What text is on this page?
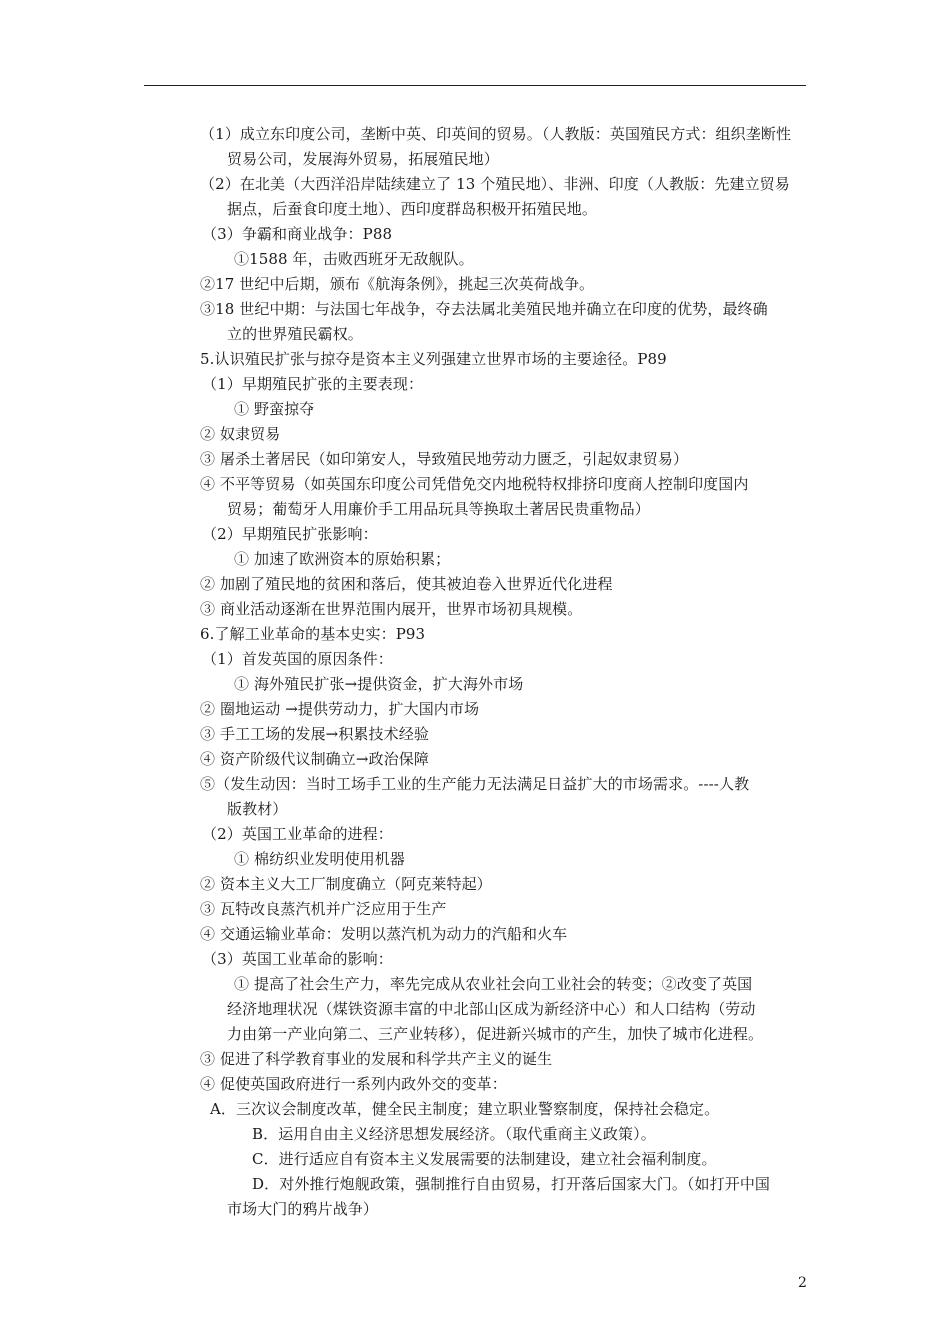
（1）成立东印度公司，垄断中英、印英间的贸易。（人教版：英国殖民方式：组织垄断性
贸易公司，发展海外贸易，拓展殖民地）
（2）在北美（大西洋沿岸陆续建立了 13 个殖民地）、非洲、印度（人教版：先建立贸易
据点，后蚕食印度土地）、西印度群岛积极开拓殖民地。
（3）争霸和商业战争：P88
①1588 年，击败西班牙无敌舰队。
②17 世纪中后期，颁布《航海条例》，挑起三次英荷战争。
③18 世纪中期：与法国七年战争，夺去法属北美殖民地并确立在印度的优势，最终确
立的世界殖民霸权。
5.认识殖民扩张与掠夺是资本主义列强建立世界市场的主要途径。P89
（1）早期殖民扩张的主要表现：
① 野蛮掠夺
② 奴隶贸易
③ 屠杀土著居民（如印第安人，导致殖民地劳动力匮乏，引起奴隶贸易）
④ 不平等贸易（如英国东印度公司凭借免交内地税特权排挤印度商人控制印度国内
贸易；葡萄牙人用廉价手工用品玩具等换取土著居民贵重物品）
（2）早期殖民扩张影响：
① 加速了欧洲资本的原始积累；
② 加剧了殖民地的贫困和落后，使其被迫卷入世界近代化进程
③ 商业活动逐渐在世界范围内展开，世界市场初具规模。
6.了解工业革命的基本史实：P93
（1）首发英国的原因条件：
① 海外殖民扩张→提供资金，扩大海外市场
② 圈地运动 →提供劳动力，扩大国内市场
③ 手工工场的发展→积累技术经验
④ 资产阶级代议制确立→政治保障
⑤（发生动因：当时工场手工业的生产能力无法满足日益扩大的市场需求。----人教
版教材）
（2）英国工业革命的进程：
① 棉纺织业发明使用机器
② 资本主义大工厂制度确立（阿克莱特起）
③ 瓦特改良蒸汽机并广泛应用于生产
④ 交通运输业革命：发明以蒸汽机为动力的汽船和火车
（3）英国工业革命的影响：
① 提高了社会生产力，率先完成从农业社会向工业社会的转变；②改变了英国
经济地理状况（煤铁资源丰富的中北部山区成为新经济中心）和人口结构（劳动
力由第一产业向第二、三产业转移），促进新兴城市的产生，加快了城市化进程。
③ 促进了科学教育事业的发展和科学共产主义的诞生
④ 促使英国政府进行一系列内政外交的变革：
A．三次议会制度改革，健全民主制度；建立职业警察制度，保持社会稳定。
B．运用自由主义经济思想发展经济。（取代重商主义政策）。
C．进行适应自有资本主义发展需要的法制建设，建立社会福利制度。
D．对外推行炮舰政策，强制推行自由贸易，打开落后国家大门。（如打开中国
市场大门的鸦片战争）
2
